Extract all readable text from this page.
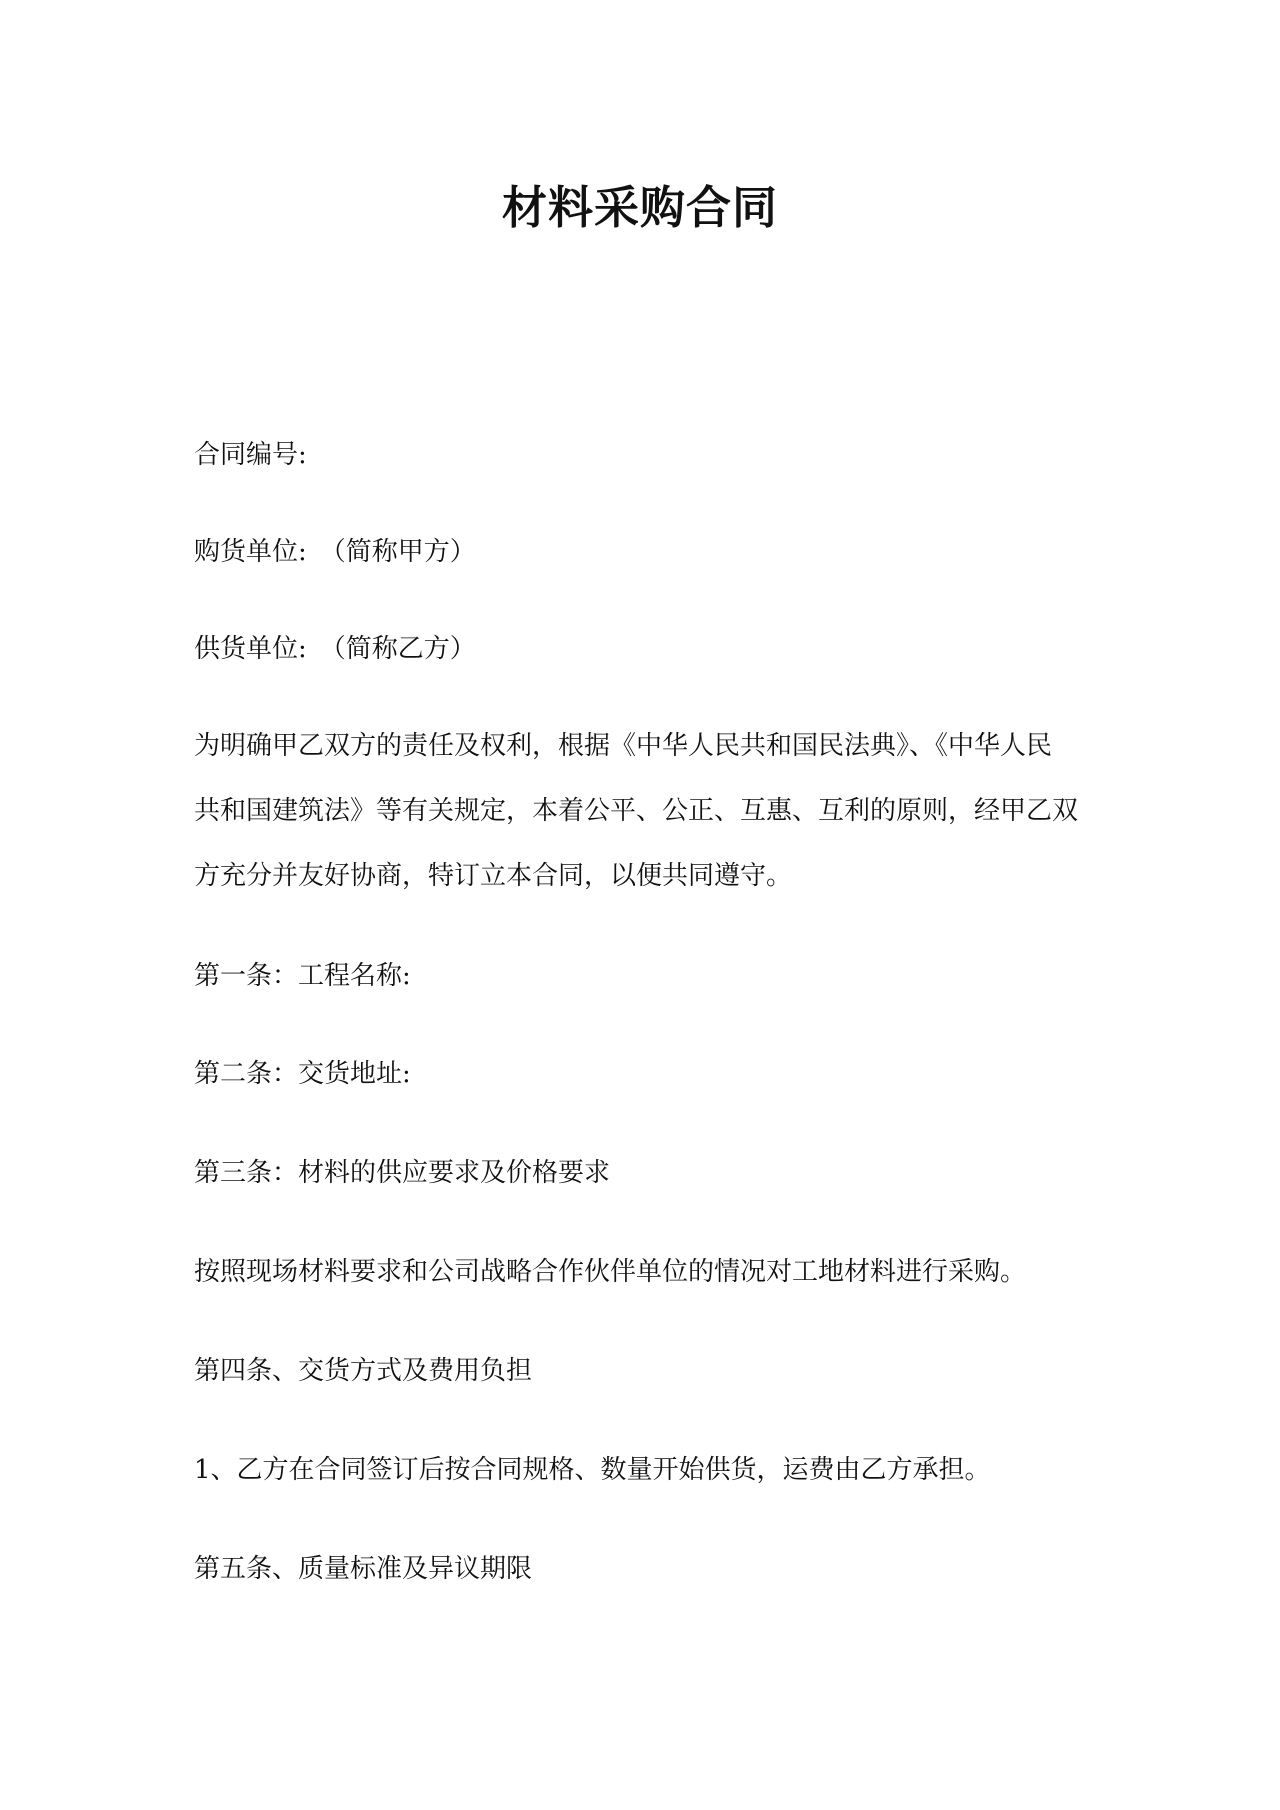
材料采购合同
合同编号:
购货单位:　（简称甲方）
供货单位:　（简称乙方）
为明确甲乙双方的责任及权利，根据《中华人民共和国民法典》、《中华人民
共和国建筑法》等有关规定，本着公平、公正、互惠、互利的原则，经甲乙双
方充分并友好协商，特订立本合同，以便共同遵守。
第一条：工程名称:
第二条：交货地址:
第三条：材料的供应要求及价格要求
按照现场材料要求和公司战略合作伙伴单位的情况对工地材料进行采购。
第四条、交货方式及费用负担
1、乙方在合同签订后按合同规格、数量开始供货，运费由乙方承担。
第五条、质量标准及异议期限
